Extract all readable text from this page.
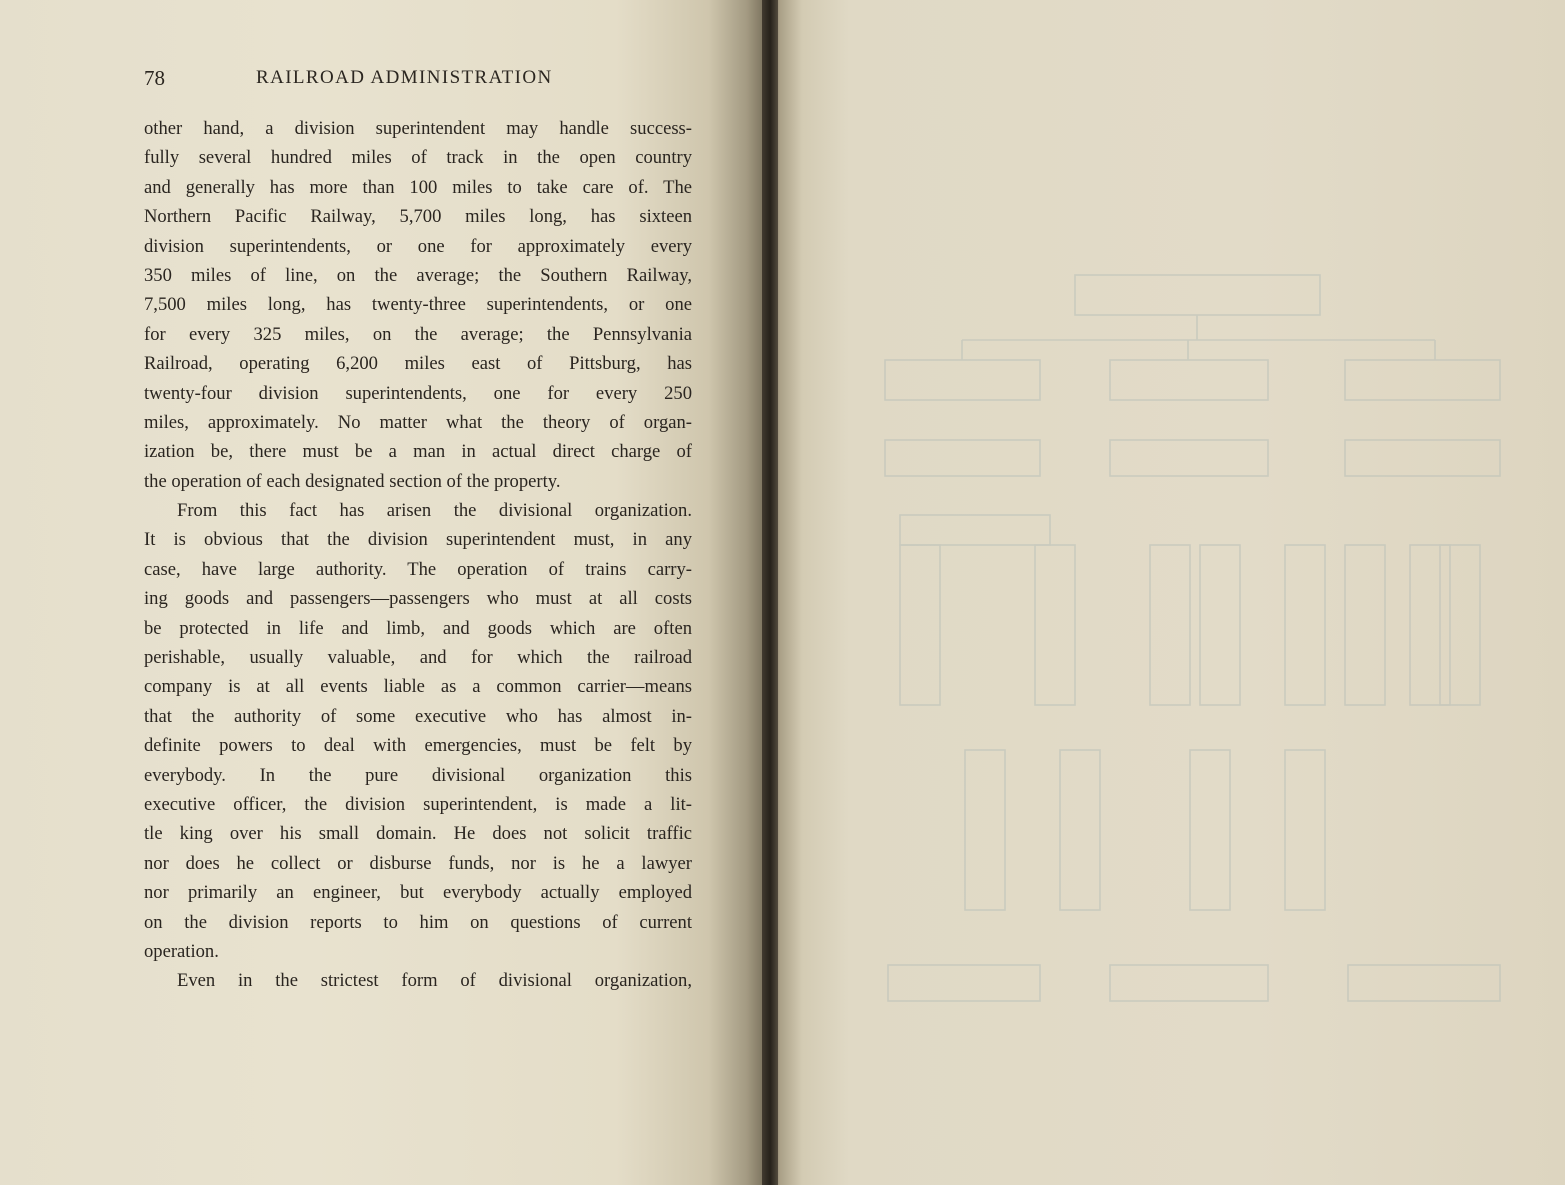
78	RAILROAD ADMINISTRATION
other hand, a division superintendent may handle success-
fully several hundred miles of track in the open country
and generally has more than 100 miles to take care of. The
Northern Pacific Railway, 5,700 miles long, has sixteen
division superintendents, or one for approximately every
350 miles of line, on the average; the Southern Railway,
7,500 miles long, has twenty-three superintendents, or one
for every 325 miles, on the average; the Pennsylvania
Railroad, operating 6,200 miles east of Pittsburg, has
twenty-four division superintendents, one for every 250
miles, approximately. No matter what the theory of organ-
ization be, there must be a man in actual direct charge of
the operation of each designated section of the property.
From this fact has arisen the divisional organization.
It is obvious that the division superintendent must, in any
case, have large authority. The operation of trains carry-
ing goods and passengers—passengers who must at all costs
be protected in life and limb, and goods which are often
perishable, usually valuable, and for which the railroad
company is at all events liable as a common carrier—means
that the authority of some executive who has almost in-
definite powers to deal with emergencies, must be felt by
everybody. In the pure divisional organization this
executive officer, the division superintendent, is made a lit-
tle king over his small domain. He does not solicit traffic
nor does he collect or disburse funds, nor is he a lawyer
nor primarily an engineer, but everybody actually employed
on the division reports to him on questions of current
operation.
Even in the strictest form of divisional organization,
